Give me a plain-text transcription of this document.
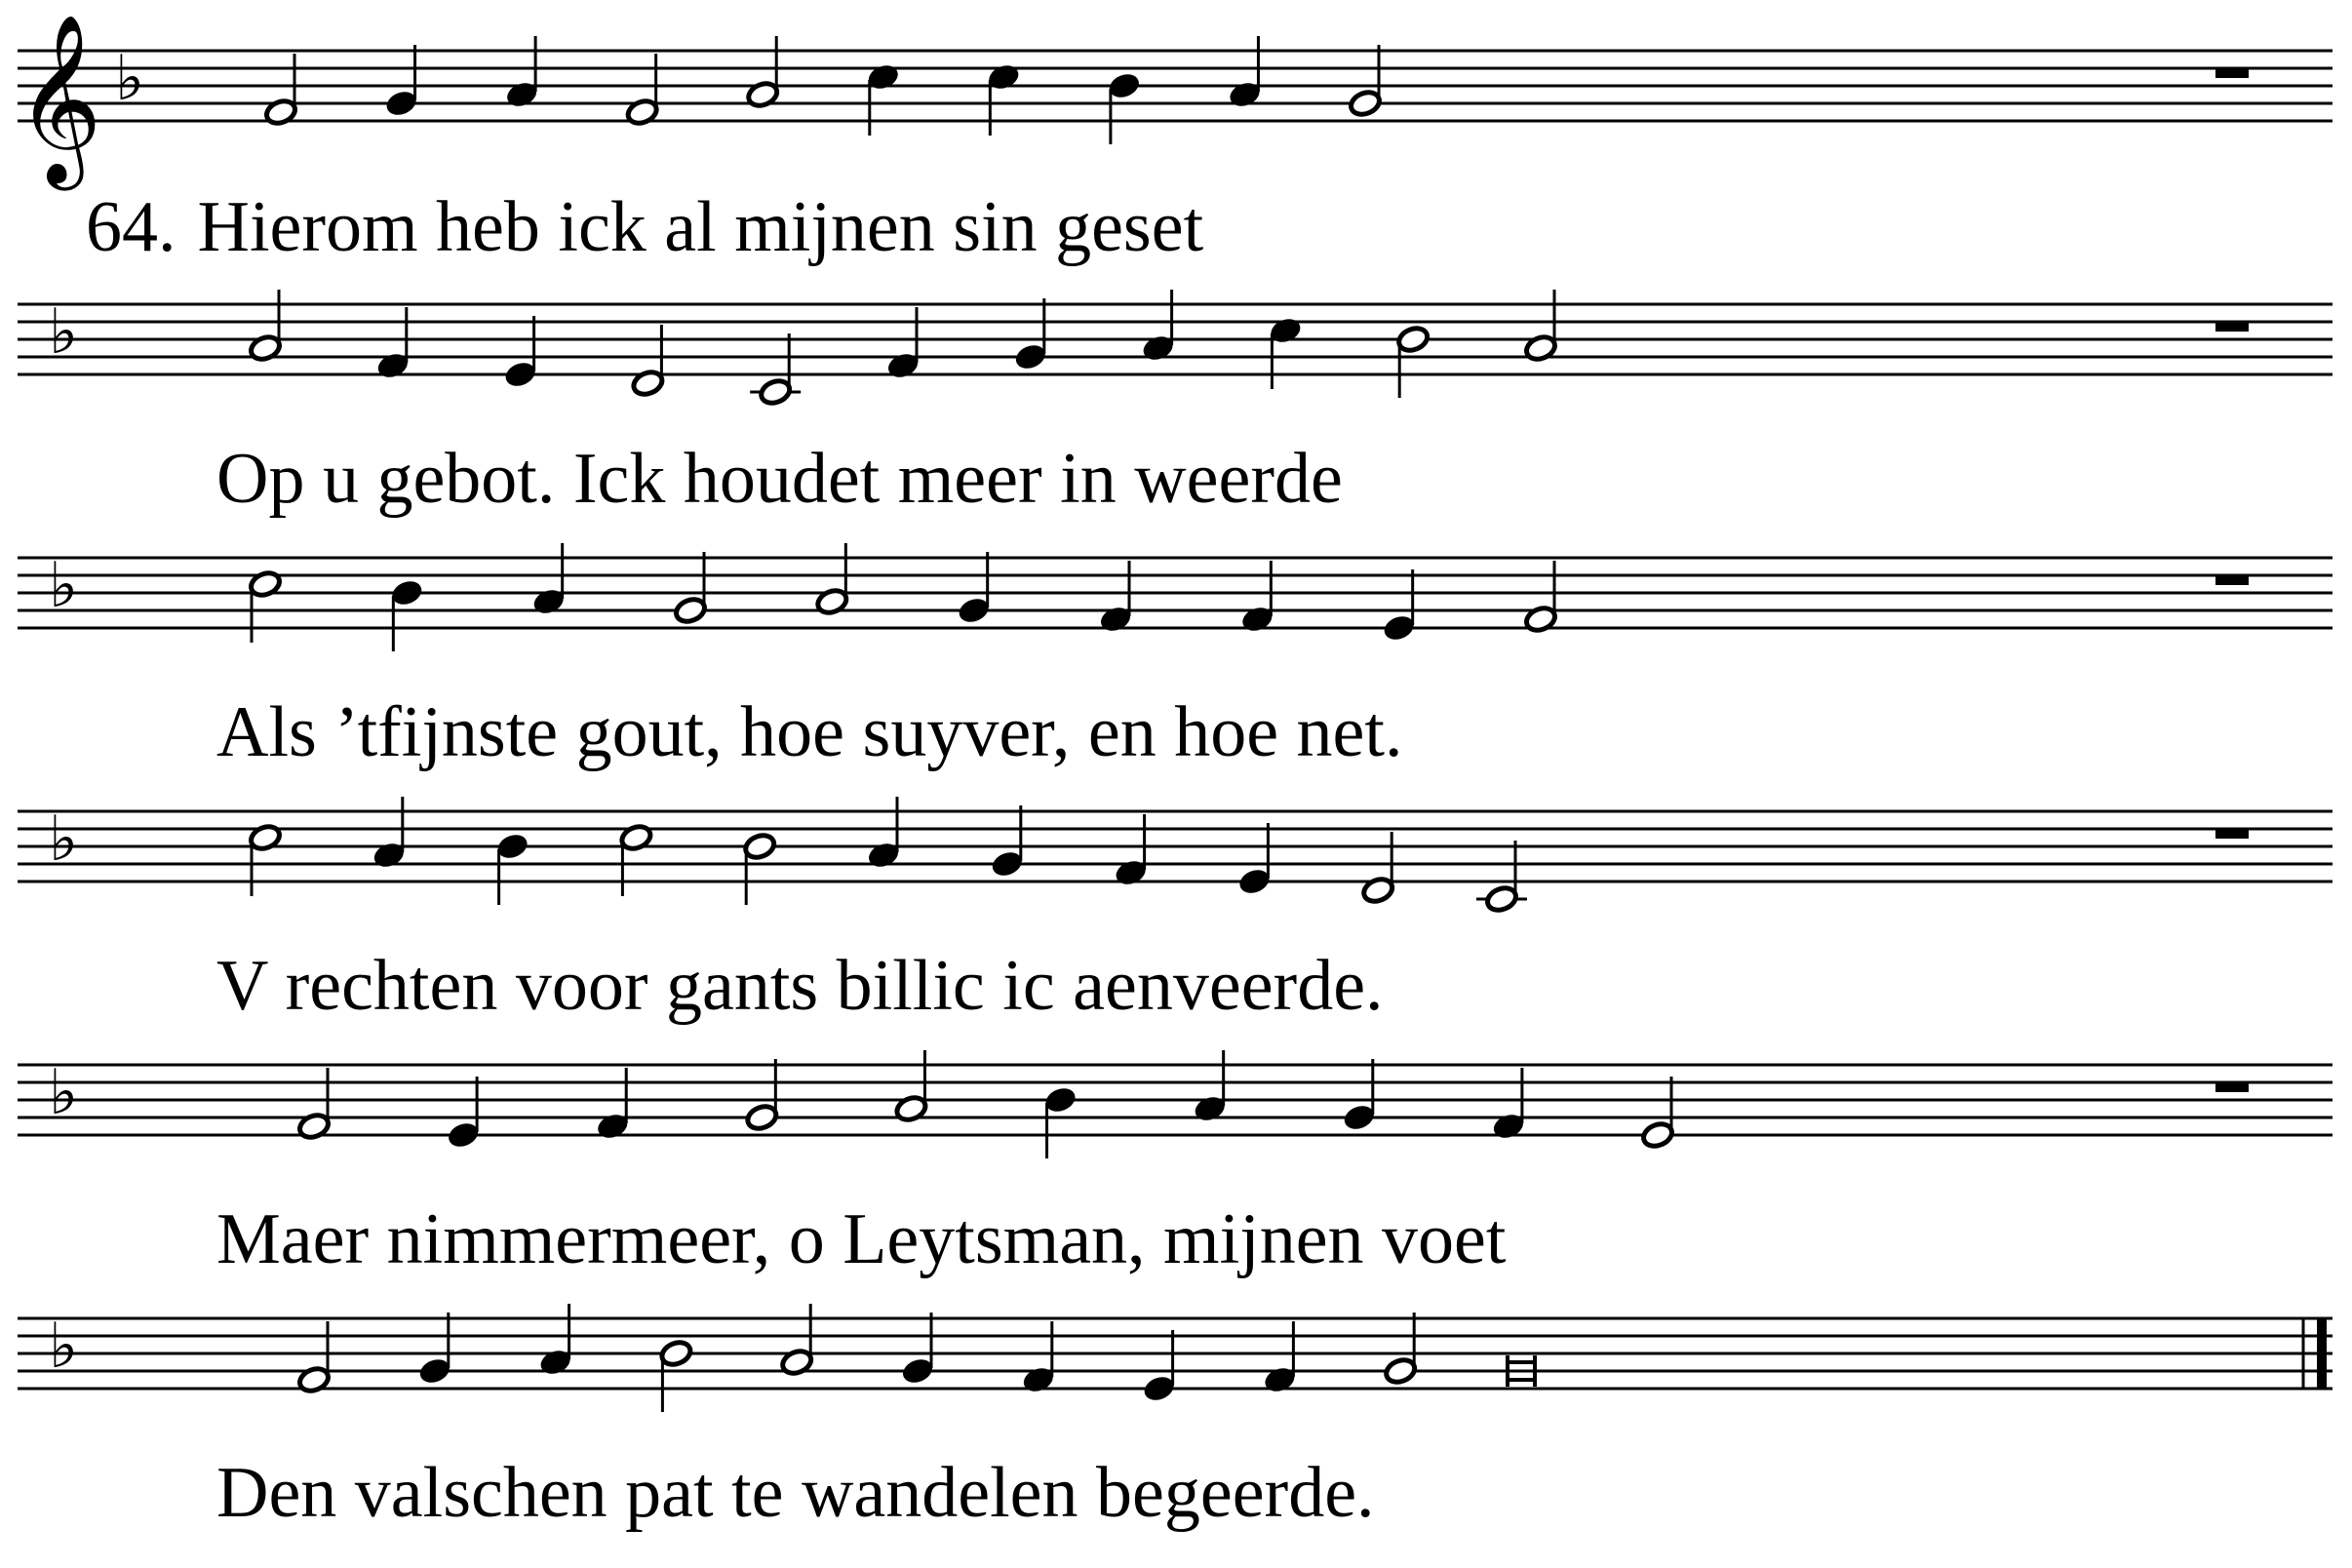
𝄞 ♭
♭
♭
♭
♭
♭
64. Hierom heb ick al mijnen sin geset
Op u gebot. Ick houdet meer in weerde
Als ’tfijnste gout, hoe suyver, en hoe net.
V rechten voor gants billic ic aenveerde.
Maer nimmermeer, o Leytsman, mijnen voet
Den valschen pat te wandelen begeerde.
